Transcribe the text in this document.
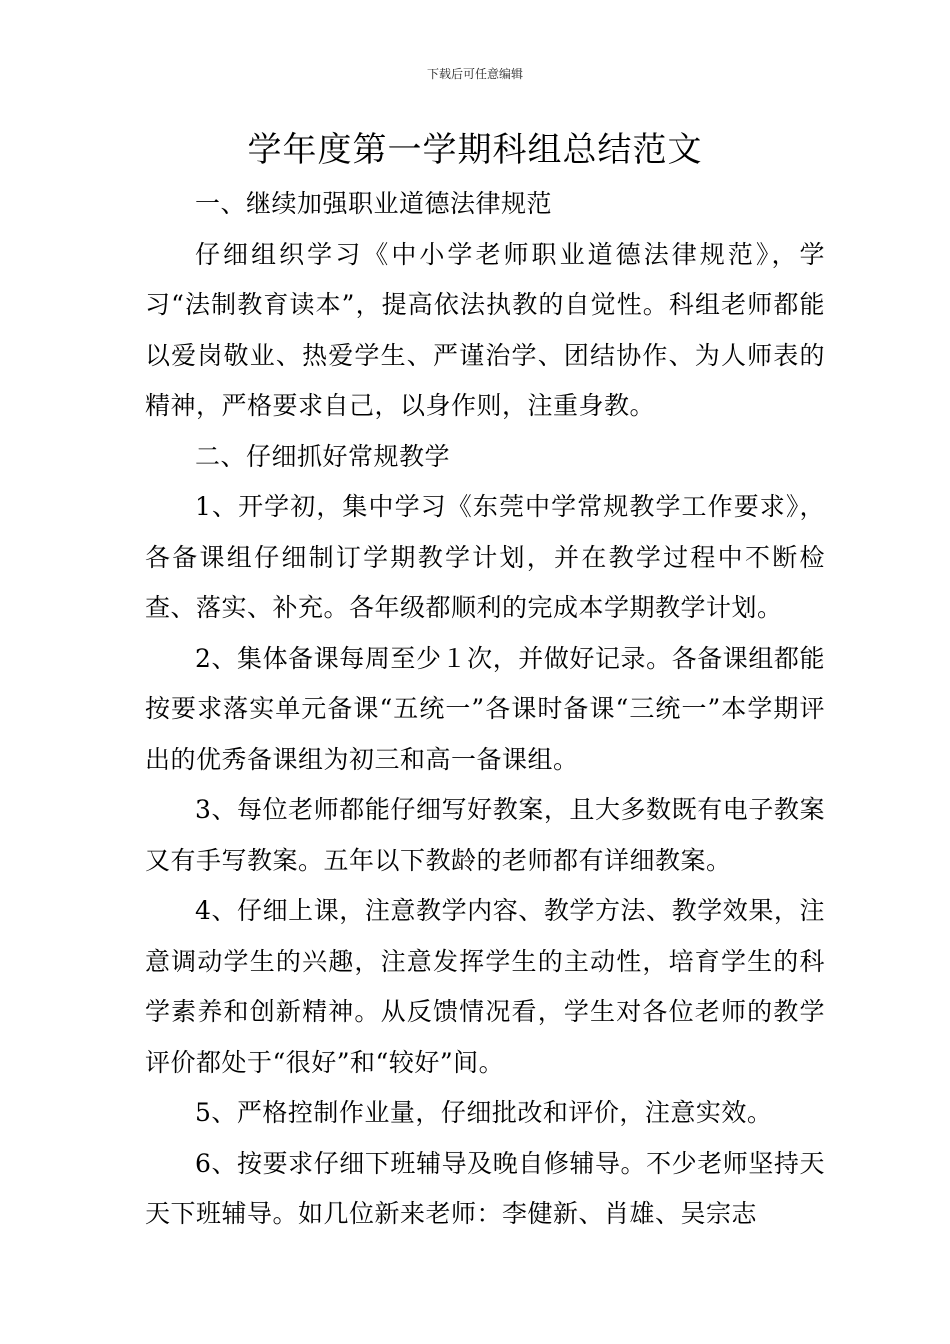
下载后可任意编辑
学年度第一学期科组总结范文

一、继续加强职业道德法律规范

仔细组织学习《中小学老师职业道德法律规范》，学习“法制教育读本”，提高依法执教的自觉性。科组老师都能以爱岗敬业、热爱学生、严谨治学、团结协作、为人师表的精神，严格要求自己，以身作则，注重身教。

二、仔细抓好常规教学

1、开学初，集中学习《东莞中学常规教学工作要求》，各备课组仔细制订学期教学计划，并在教学过程中不断检查、落实、补充。各年级都顺利的完成本学期教学计划。

2、集体备课每周至少１次，并做好记录。各备课组都能按要求落实单元备课“五统一”各课时备课“三统一”本学期评出的优秀备课组为初三和高一备课组。

3、每位老师都能仔细写好教案，且大多数既有电子教案又有手写教案。五年以下教龄的老师都有详细教案。

4、仔细上课，注意教学内容、教学方法、教学效果，注意调动学生的兴趣，注意发挥学生的主动性，培育学生的科学素养和创新精神。从反馈情况看，学生对各位老师的教学评价都处于“很好”和“较好”间。

5、严格控制作业量，仔细批改和评价，注意实效。

6、按要求仔细下班辅导及晚自修辅导。不少老师坚持天天下班辅导。如几位新来老师：李健新、肖雄、吴宗志
